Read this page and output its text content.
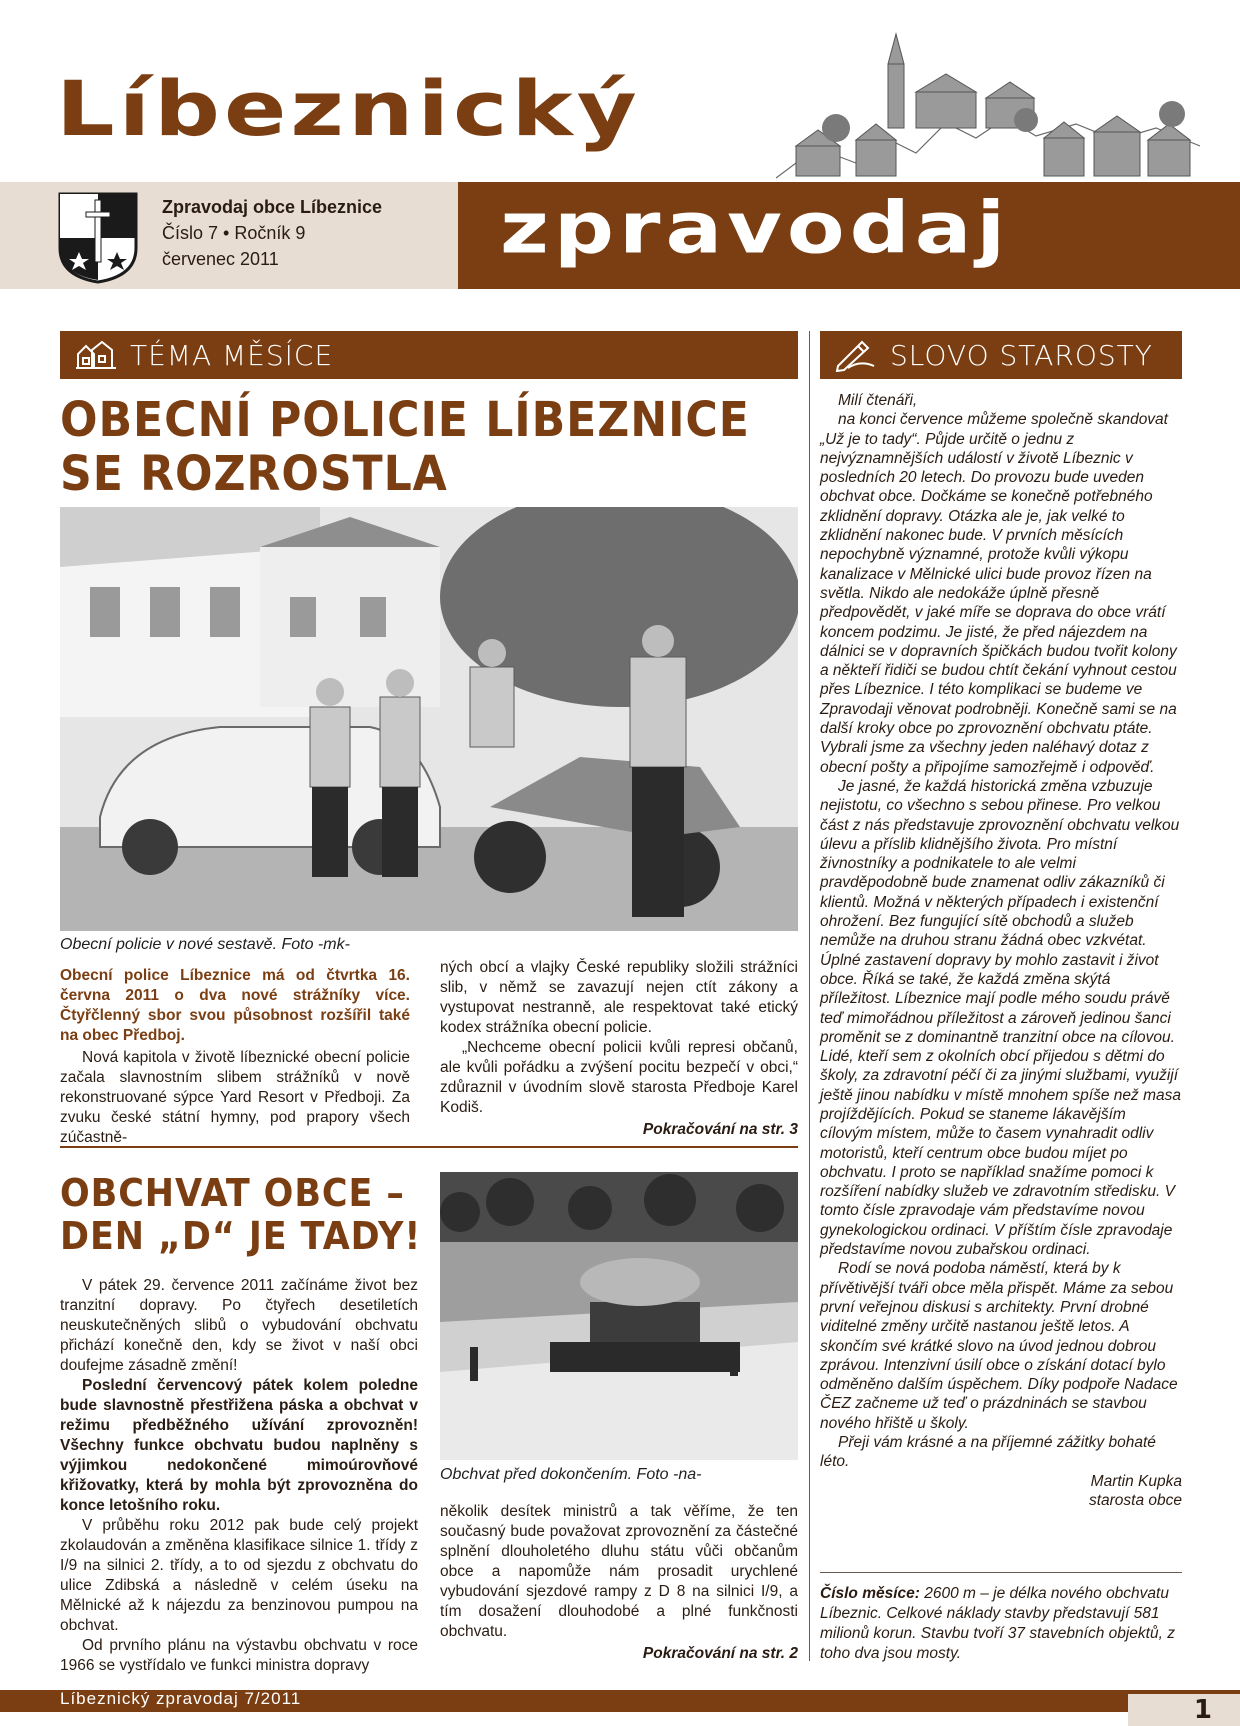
Líbeznický
zpravodaj
Zpravodaj obce Líbeznice
Číslo 7 • Ročník 9
červenec 2011
TÉMA MĚSÍCE	SLOVO STAROSTY
OBECNÍ POLICIE LÍBEZNICE
SE ROZROSTLA
Obecní policie v nové sestavě. Foto -mk-
Obecní police Líbeznice má od čtvrtka 16. června 2011 o dva nové strážníky více. Čtyřčlenný sbor svou působnost rozšířil také na obec Předboj.

Nová kapitola v životě líbeznické obecní policie začala slavnostním slibem strážníků v nově rekonstruované sýpce Yard Resort v Předboji. Za zvuku české státní hymny, pod prapory všech zúčastně-

ných obcí a vlajky České republiky složili strážníci slib, v němž se zavazují nejen ctít zákony a vystupovat nestranně, ale respektovat také etický kodex strážníka obecní policie.

„Nechceme obecní policii kvůli represi občanů, ale kvůli pořádku a zvýšení pocitu bezpečí v obci,“ zdůraznil v úvodním slově starosta Předboje Karel Kodiš.

Pokračování na str. 3

OBCHVAT OBCE –
DEN „D“ JE TADY!
Obchvat před dokončením. Foto -na-

V pátek 29. července 2011 začínáme život bez tranzitní dopravy. Po čtyřech desetiletích neuskutečněných slibů o vybudování obchvatu přichází konečně den, kdy se život v naší obci doufejme zásadně změní!

Poslední červencový pátek kolem poledne bude slavnostně přestřižena páska a obchvat v režimu předběžného užívání zprovozněn! Všechny funkce obchvatu budou naplněny s výjimkou nedokončené mimoúrovňové křižovatky, která by mohla být zprovozněna do konce letošního roku.

V průběhu roku 2012 pak bude celý projekt zkolaudován a změněna klasifikace silnice 1. třídy z I/9 na silnici 2. třídy, a to od sjezdu z obchvatu do ulice Zdibská a následně v celém úseku na Mělnické až k nájezdu za benzinovou pumpou na obchvat.

Od prvního plánu na výstavbu obchvatu v roce 1966 se vystřídalo ve funkci ministra dopravy

několik desítek ministrů a tak věříme, že ten současný bude považovat zprovoznění za částečné splnění dlouholetého dluhu státu vůči občanům obce a napomůže nám prosadit urychlené vybudování sjezdové rampy z D 8 na silnici I/9, a tím dosažení dlouhodobé a plné funkčnosti obchvatu.

Pokračování na str. 2

Milí čtenáři,

na konci července můžeme společně skandovat „Už je to tady“. Půjde určitě o jednu z nejvýznamnějších událostí v životě Líbeznic v posledních 20 letech. Do provozu bude uveden obchvat obce. Dočkáme se konečně potřebného zklidnění dopravy. Otázka ale je, jak velké to zklidnění nakonec bude. V prvních měsících nepochybně významné, protože kvůli výkopu kanalizace v Mělnické ulici bude provoz řízen na světla. Nikdo ale nedokáže úplně přesně předpovědět, v jaké míře se doprava do obce vrátí koncem podzimu. Je jisté, že před nájezdem na dálnici se v dopravních špičkách budou tvořit kolony a někteří řidiči se budou chtít čekání vyhnout cestou přes Líbeznice. I této komplikaci se budeme ve Zpravodaji věnovat podrobněji. Konečně sami se na další kroky obce po zprovoznění obchvatu ptáte. Vybrali jsme za všechny jeden naléhavý dotaz z obecní pošty a připojíme samozřejmě i odpověď.

Je jasné, že každá historická změna vzbuzuje nejistotu, co všechno s sebou přinese. Pro velkou část z nás představuje zprovoznění obchvatu velkou úlevu a příslib klidnějšího života. Pro místní živnostníky a podnikatele to ale velmi pravděpodobně bude znamenat odliv zákazníků či klientů. Možná v některých případech i existenční ohrožení. Bez fungující sítě obchodů a služeb nemůže na druhou stranu žádná obec vzkvétat. Úplné zastavení dopravy by mohlo zastavit i život obce. Říká se také, že každá změna skýtá příležitost. Líbeznice mají podle mého soudu právě teď mimořádnou příležitost a zároveň jedinou šanci proměnit se z dominantně tranzitní obce na cílovou. Lidé, kteří sem z okolních obcí přijedou s dětmi do školy, za zdravotní péčí či za jinými službami, využijí ještě jinou nabídku v místě mnohem spíše než masa projíždějících. Pokud se staneme lákavějším cílovým místem, může to časem vynahradit odliv motoristů, kteří centrum obce budou míjet po obchvatu. I proto se například snažíme pomoci k rozšíření nabídky služeb ve zdravotním středisku. V tomto čísle zpravodaje vám představíme novou gynekologickou ordinaci. V příštím čísle zpravodaje představíme novou zubařskou ordinaci.

Rodí se nová podoba náměstí, která by k přívětivější tváři obce měla přispět. Máme za sebou první veřejnou diskusi s architekty. První drobné viditelné změny určitě nastanou ještě letos. A skončím své krátké slovo na úvod jednou dobrou zprávou. Intenzivní úsilí obce o získání dotací bylo odměněno dalším úspěchem. Díky podpoře Nadace ČEZ začneme už teď o prázdninách se stavbou nového hřiště u školy.

Přeji vám krásné a na příjemné zážitky bohaté léto.

Martin Kupka

starosta obce

Číslo měsíce: 2600 m – je délka nového obchvatu Líbeznic. Celkové náklady stavby představují 581 milionů korun. Stavbu tvoří 37 stavebních objektů, z toho dva jsou mosty.
Líbeznický zpravodaj 7/2011	1
